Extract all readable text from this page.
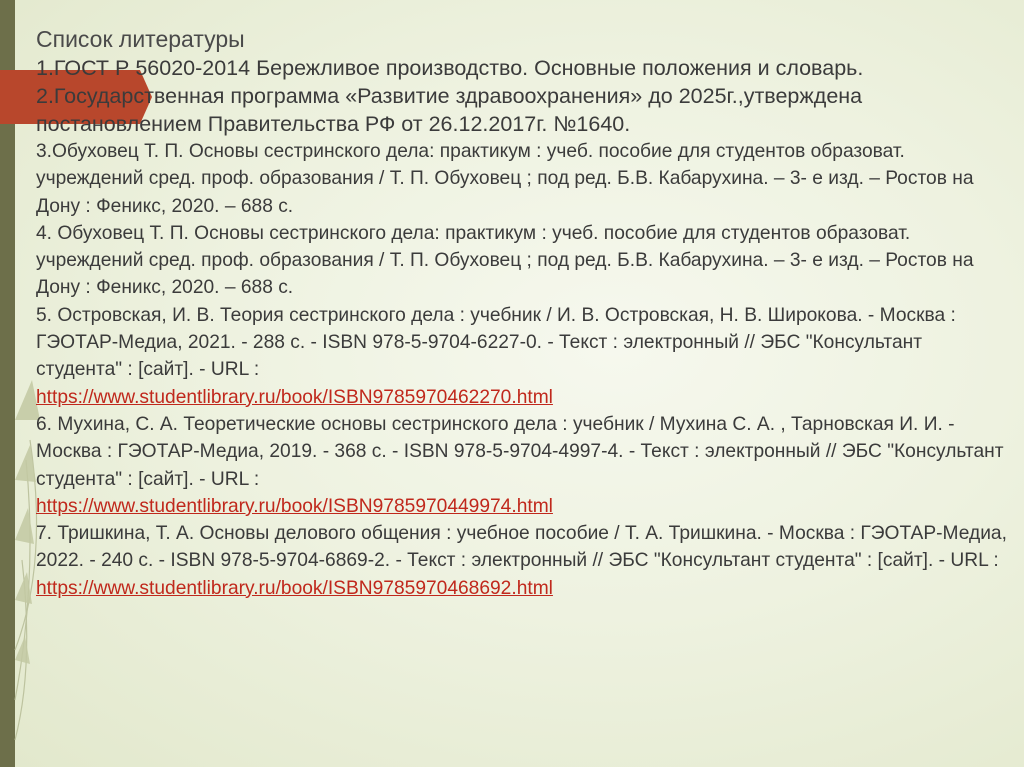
Список литературы

1.ГОСТ Р 56020-2014 Бережливое производство. Основные положения и словарь.

2.Государственная программа «Развитие здравоохранения» до 2025г.,утверждена постановлением Правительства РФ от 26.12.2017г. №1640.

3.Обуховец Т. П. Основы сестринского дела: практикум : учеб. пособие для студентов образоват. учреждений сред. проф. образования / Т. П. Обуховец ; под ред. Б.В. Кабарухина. – 3- е изд. – Ростов на Дону : Феникс, 2020. – 688 с.

4. Обуховец Т. П. Основы сестринского дела: практикум : учеб. пособие для студентов образоват. учреждений сред. проф. образования / Т. П. Обуховец ; под ред. Б.В. Кабарухина. – 3- е изд. – Ростов на Дону : Феникс, 2020. – 688 с.

5. Островская, И. В. Теория сестринского дела : учебник / И. В. Островская, Н. В. Широкова. - Москва : ГЭОТАР-Медиа, 2021. - 288 с. - ISBN 978-5-9704-6227-0. - Текст : электронный // ЭБС "Консультант студента" : [сайт]. - URL :
https://www.studentlibrary.ru/book/ISBN9785970462270.html
6. Мухина, С. А. Теоретические основы сестринского дела : учебник / Мухина С. А. , Тарновская И. И. - Москва : ГЭОТАР-Медиа, 2019. - 368 с. - ISBN 978-5-9704-4997-4. - Текст : электронный // ЭБС "Консультант студента" : [сайт]. - URL :
https://www.studentlibrary.ru/book/ISBN9785970449974.html
7. Тришкина, Т. А. Основы делового общения : учебное пособие / Т. А. Тришкина. - Москва : ГЭОТАР-Медиа, 2022. - 240 с. - ISBN 978-5-9704-6869-2. - Текст : электронный // ЭБС "Консультант студента" : [сайт]. - URL :
https://www.studentlibrary.ru/book/ISBN9785970468692.html
